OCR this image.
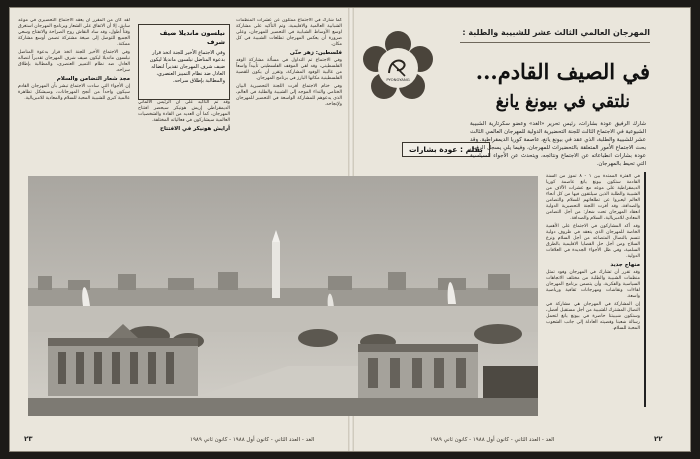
لقد كان من المقرر أن يعقد الاجتماع التحضيري في موعد سابق، إلا أن الاتفاق على الشعار وبرنامج المهرجان استغرق وقتاً أطول، وقد ساد النقاش روح الصراحة والانفتاح وسعي الجميع للتوصل إلى صيغة مشتركة تضمن أوسع مشاركة ممكنة.

وفي الاجتماع الأخير للجنة اتخذ قرار بدعوة المناضل نيلسون مانديلا ليكون ضيف شرف المهرجان تقديراً لنضاله العادل ضد نظام التمييز العنصري، والمطالبة بإطلاق سراحه.

مجد شعار التضامن والسلام

إن الأجواء التي سادت الاجتماع تبشر بأن المهرجان القادم سيكون واحداً من أنجح المهرجانات، وسيشكل تظاهرة عالمية كبرى للشبيبة المحبة للسلام والمعادية للامبريالية.

نيلسون مانديلا ضيف شرف
وفي الاجتماع الأخير للجنة اتخذ قرار بدعوة المناضل نيلسون مانديلا ليكون ضيف شرف المهرجان تقديراً لنضاله العادل ضد نظام التمييز العنصري، والمطالبة بإطلاق سراحه.

وقد تم التأكيد على أن الرئيس الألماني الديمقراطي إريش هونيكر سيحضر افتتاح المهرجان، كما أن العديد من القادة والشخصيات العالمية سيشاركون في فعالياته المختلفة.

أرايش هونيكر في الافتتاح

كما شارك في الاجتماع ممثلون عن عشرات المنظمات الشبابية العالمية والاقليمية، وتم التأكيد على مشاركة اوسع الأوساط الشبابية في التحضير للمهرجان، وعلى ضرورة أن يعكس المهرجان تطلعات الشبيبة في كل مكان.

فلسطين: زهر حتّى

وفي الاجتماع تم التداول في مسألة مشاركة الوفد الفلسطيني، وقد لقي الموقف الفلسطيني تأييداً واسعاً من غالبية الوفود المشاركة، وتقرر أن يكون للقضية الفلسطينية مكانها البارز في برنامج المهرجان.

وفي ختام الاجتماع أقرت اللجنة التحضيرية البيان الختامي والنداء الموجه إلى الشبيبة والطلبة في العالم، الذي يدعوهم للمشاركة الواسعة في التحضير للمهرجان ولإنجاحه.

الغد - العدد الثاني - كانون أول ١٩٨٨ - كانون ثاني ١٩٨٩
٢٣
المهرجان العالمي الثالث عشر للشبيبة والطلبة :
PYONGYANG	في الصيف القادم...
نلتقي في بيونغ يانغ
بقلم : عودة بشارات
شارك الرفيق عودة بشارات، رئيس تحرير «الغد» وعضو سكرتارية الشبيبة الشيوعية في الاجتماع الثالث للجنة التحضيرية الدولية للمهرجان العالمي الثالث عشر للشبيبة والطلبة، الذي عقد في بيونغ يانغ، عاصمة كوريا الديمقراطية. وقد بحث الاجتماع الأمور المتعلقة بالتحضيرات للمهرجان، وفيما يلي يسجل الرفيق عودة بشارات انطباعاته عن الاجتماع ونتائجه، ويتحدث عن الأجواء السياسية التي تحيط بالمهرجان.

في الفترة الممتدة بين ١ - ٨ تموز من السنة القادمة ستكون بيونغ يانغ عاصمة كوريا الديمقراطية على موعد مع عشرات الآلاف من الشبيبة والطلبة الذين سيلتقون فيها من كل أنحاء العالم ليعبروا عن تطلعاتهم للسلام والتضامن والصداقة، وقد أقرت اللجنة التحضيرية الدولية انعقاد المهرجان تحت شعار: من أجل التضامن المعادي للامبريالية، السلام والصداقة.

وقد أكد المشاركون في الاجتماع على الأهمية الخاصة للمهرجان الذي ينعقد في ظروف دولية تتسم بالنضال المتصاعد من أجل السلام ونزع السلاح ومن أجل حل القضايا الاقليمية بالطرق السلمية، وفي ظل الأجواء الجديدة في العلاقات الدولية.

منهاج جديد

وقد تقرر أن تشارك في المهرجان وفود تمثل منظمات الشبيبة والطلبة من مختلف الاتجاهات السياسية والفكرية، وأن يتضمن برنامج المهرجان لقاءات ونقاشات ومهرجانات ثقافية ورياضية واسعة.

إن المشاركة في المهرجان هي مشاركة في النضال المشترك للشبيبة من أجل مستقبل أفضل، وستكون شبيبتنا حاضرة في بيونغ يانغ لتحمل رسالة شعبنا وقضيته العادلة إلى جانب الشعوب المحبة للسلام.

٢٢
الغد - العدد الثاني - كانون أول ١٩٨٨ - كانون ثاني ١٩٨٩
